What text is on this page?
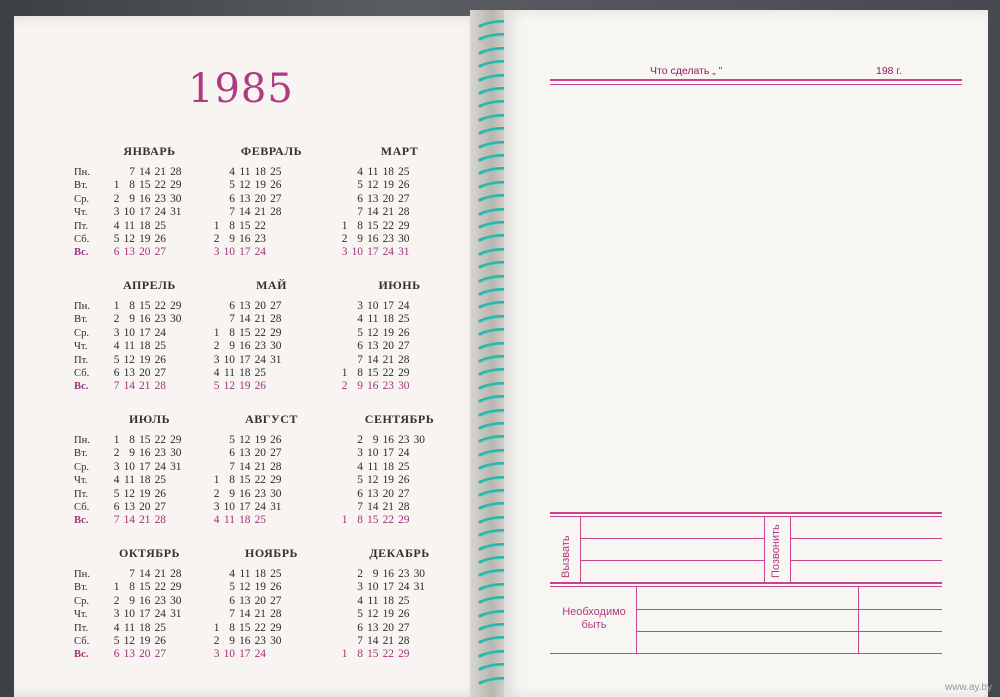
1985
ЯНВАРЬ
Пн.
Вт.
Ср.
Чт.
Пт.
Сб.
Вс.
7 14 21 28
1 8 15 22 29
2 9 16 23 30
3 10 17 24 31
4 11 18 25
5 12 19 26
6 13 20 27
ФЕВРАЛЬ
4 11 18 25
5 12 19 26
6 13 20 27
7 14 21 28
1 8 15 22
2 9 16 23
3 10 17 24
МАРТ
4 11 18 25
5 12 19 26
6 13 20 27
7 14 21 28
1 8 15 22 29
2 9 16 23 30
3 10 17 24 31
АПРЕЛЬ
Пн.
Вт.
Ср.
Чт.
Пт.
Сб.
Вс.
1 8 15 22 29
2 9 16 23 30
3 10 17 24
4 11 18 25
5 12 19 26
6 13 20 27
7 14 21 28
МАЙ
6 13 20 27
7 14 21 28
1 8 15 22 29
2 9 16 23 30
3 10 17 24 31
4 11 18 25
5 12 19 26
ИЮНЬ
3 10 17 24
4 11 18 25
5 12 19 26
6 13 20 27
7 14 21 28
1 8 15 22 29
2 9 16 23 30
ИЮЛЬ
Пн.
Вт.
Ср.
Чт.
Пт.
Сб.
Вс.
1 8 15 22 29
2 9 16 23 30
3 10 17 24 31
4 11 18 25
5 12 19 26
6 13 20 27
7 14 21 28
АВГУСТ
5 12 19 26
6 13 20 27
7 14 21 28
1 8 15 22 29
2 9 16 23 30
3 10 17 24 31
4 11 18 25
СЕНТЯБРЬ
2 9 16 23 30
3 10 17 24
4 11 18 25
5 12 19 26
6 13 20 27
7 14 21 28
1 8 15 22 29
ОКТЯБРЬ
Пн.
Вт.
Ср.
Чт.
Пт.
Сб.
Вс.
7 14 21 28
1 8 15 22 29
2 9 16 23 30
3 10 17 24 31
4 11 18 25
5 12 19 26
6 13 20 27
НОЯБРЬ
4 11 18 25
5 12 19 26
6 13 20 27
7 14 21 28
1 8 15 22 29
2 9 16 23 30
3 10 17 24
ДЕКАБРЬ
2 9 16 23 30
3 10 17 24 31
4 11 18 25
5 12 19 26
6 13 20 27
7 14 21 28
1 8 15 22 29
Что сделать „ ”	198 г.
Вызвать	Позвонить
Необходимо
быть
www.ay.by
